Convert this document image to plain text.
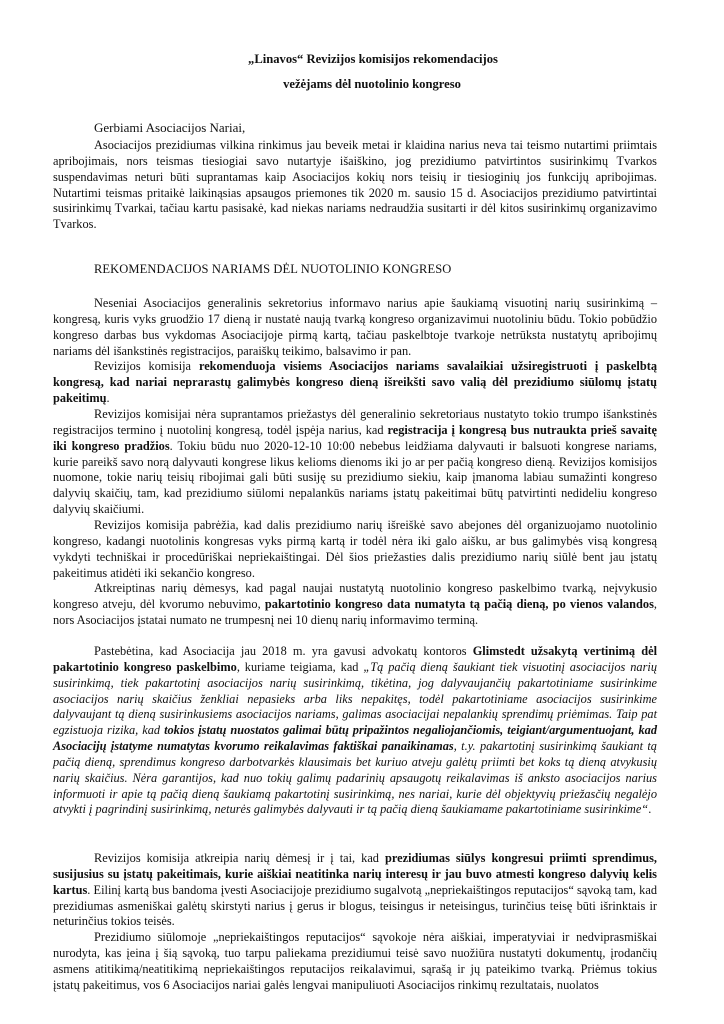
„Linavos“ Revizijos komisijos rekomendacijos
vežėjams dėl nuotolinio kongreso
Gerbiami Asociacijos Nariai,

Asociacijos prezidiumas vilkina rinkimus jau beveik metai ir klaidina narius neva tai teismo nutartimi priimtais apribojimais, nors teismas tiesiogiai savo nutartyje išaiškino, jog prezidiumo patvirtintos susirinkimų Tvarkos suspendavimas neturi būti suprantamas kaip Asociacijos kokių nors teisių ir tiesioginių jos funkcijų apribojimas. Nutartimi teismas pritaikė laikinąsias apsaugos priemones tik 2020 m. sausio 15 d. Asociacijos prezidiumo patvirtintai susirinkimų Tvarkai, tačiau kartu pasisakė, kad niekas nariams nedraudžia susitarti ir dėl kitos susirinkimų organizavimo Tvarkos.

REKOMENDACIJOS NARIAMS DĖL NUOTOLINIO KONGRESO

Neseniai Asociacijos generalinis sekretorius informavo narius apie šaukiamą visuotinį narių susirinkimą – kongresą, kuris vyks gruodžio 17 dieną ir nustatė naują tvarką kongreso organizavimui nuotoliniu būdu. Tokio pobūdžio kongreso darbas bus vykdomas Asociacijoje pirmą kartą, tačiau paskelbtoje tvarkoje netrūksta nustatytų apribojimų nariams dėl išankstinės registracijos, paraiškų teikimo, balsavimo ir pan.

Revizijos komisija rekomenduoja visiems Asociacijos nariams savalaikiai užsiregistruoti į paskelbtą kongresą, kad nariai neprarastų galimybės kongreso dieną išreikšti savo valią dėl prezidiumo siūlomų įstatų pakeitimų.

Revizijos komisijai nėra suprantamos priežastys dėl generalinio sekretoriaus nustatyto tokio trumpo išankstinės registracijos termino į nuotolinį kongresą, todėl įspėja narius, kad registracija į kongresą bus nutraukta prieš savaitę iki kongreso pradžios. Tokiu būdu nuo 2020-12-10 10:00 nebebus leidžiama dalyvauti ir balsuoti kongrese nariams, kurie pareikš savo norą dalyvauti kongrese likus kelioms dienoms iki jo ar per pačią kongreso dieną. Revizijos komisijos nuomone, tokie narių teisių ribojimai gali būti susiję su prezidiumo siekiu, kaip įmanoma labiau sumažinti kongreso dalyvių skaičių, tam, kad prezidiumo siūlomi nepalankūs nariams įstatų pakeitimai būtų patvirtinti nedideliu kongreso dalyvių skaičiumi.

Revizijos komisija pabrėžia, kad dalis prezidiumo narių išreiškė savo abejones dėl organizuojamo nuotolinio kongreso, kadangi nuotolinis kongresas vyks pirmą kartą ir todėl nėra iki galo aišku, ar bus galimybės visą kongresą vykdyti techniškai ir procedūriškai nepriekaištingai. Dėl šios priežasties dalis prezidiumo narių siūlė bent jau įstatų pakeitimus atidėti iki sekančio kongreso.

Atkreiptinas narių dėmesys, kad pagal naujai nustatytą nuotolinio kongreso paskelbimo tvarką, neįvykusio kongreso atveju, dėl kvorumo nebuvimo, pakartotinio kongreso data numatyta tą pačią dieną, po vienos valandos, nors Asociacijos įstatai numato ne trumpesnį nei 10 dienų narių informavimo terminą.

Pastebėtina, kad Asociacija jau 2018 m. yra gavusi advokatų kontoros Glimstedt užsakytą vertinimą dėl pakartotinio kongreso paskelbimo, kuriame teigiama, kad „Tą pačią dieną šaukiant tiek visuotinį asociacijos narių susirinkimą, tiek pakartotinį asociacijos narių susirinkimą, tikėtina, jog dalyvaujančių pakartotiniame susirinkime asociacijos narių skaičius ženkliai nepasieks arba liks nepakitęs, todėl pakartotiniame asociacijos susirinkime dalyvaujant tą dieną susirinkusiems asociacijos nariams, galimas asociacijai nepalankių sprendimų priėmimas. Taip pat egzistuoja rizika, kad tokios įstatų nuostatos galimai būtų pripažintos negaliojančiomis, teigiant/argumentuojant, kad Asociacijų įstatyme numatytas kvorumo reikalavimas faktiškai panaikinamas, t.y. pakartotinį susirinkimą šaukiant tą pačią dieną, sprendimus kongreso darbotvarkės klausimais bet kuriuo atveju galėtų priimti bet koks tą dieną atvykusių narių skaičius. Nėra garantijos, kad nuo tokių galimų padarinių apsaugotų reikalavimas iš anksto asociacijos narius informuoti ir apie tą pačią dieną šaukiamą pakartotinį susirinkimą, nes nariai, kurie dėl objektyvių priežasčių negalėjo atvykti į pagrindinį susirinkimą, neturės galimybės dalyvauti ir tą pačią dieną šaukiamame pakartotiniame susirinkime“.

Revizijos komisija atkreipia narių dėmesį ir į tai, kad prezidiumas siūlys kongresui priimti sprendimus, susijusius su įstatų pakeitimais, kurie aiškiai neatitinka narių interesų ir jau buvo atmesti kongreso dalyvių kelis kartus. Eilinį kartą bus bandoma įvesti Asociacijoje prezidiumo sugalvotą „nepriekaištingos reputacijos“ sąvoką tam, kad prezidiumas asmeniškai galėtų skirstyti narius į gerus ir blogus, teisingus ir neteisingus, turinčius teisę būti išrinktais ir neturinčius tokios teisės.

Prezidiumo siūlomoje „nepriekaištingos reputacijos“ sąvokoje nėra aiškiai, imperatyviai ir nedviprasmiškai nurodyta, kas įeina į šią sąvoką, tuo tarpu paliekama prezidiumui teisė savo nuožiūra nustatyti dokumentų, įrodančių asmens atitikimą/neatitikimą nepriekaištingos reputacijos reikalavimui, sąrašą ir jų pateikimo tvarką. Priėmus tokius įstatų pakeitimus, vos 6 Asociacijos nariai galės lengvai manipuliuoti Asociacijos rinkimų rezultatais, nuolatos
